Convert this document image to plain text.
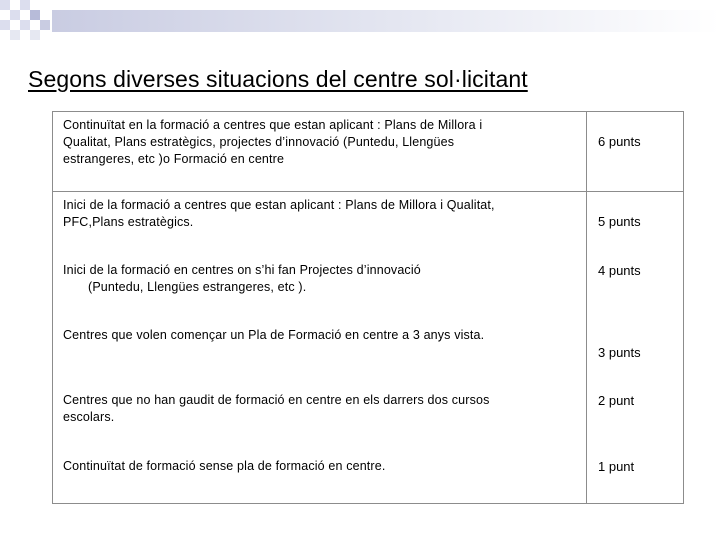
Segons diverses situacions del centre sol·licitant
Continuïtat en la formació a centres que estan aplicant : Plans de Millora i
Qualitat, Plans estratègics, projectes d’innovació (Puntedu, Llengües
estrangeres, etc )o Formació en centre
6 punts
Inici de la formació a centres que estan aplicant : Plans de Millora i Qualitat,
PFC,Plans estratègics.	5 punts
Inici de la formació en centres on s’hi fan Projectes d’innovació
(Puntedu, Llengües estrangeres, etc ).
4 punts
Centres que volen començar un Pla de Formació en centre a 3 anys vista.
3 punts
Centres que no han gaudit de formació en centre en els darrers dos cursos
escolars.
2 punt
Continuïtat de formació sense pla de formació en centre.	1 punt
